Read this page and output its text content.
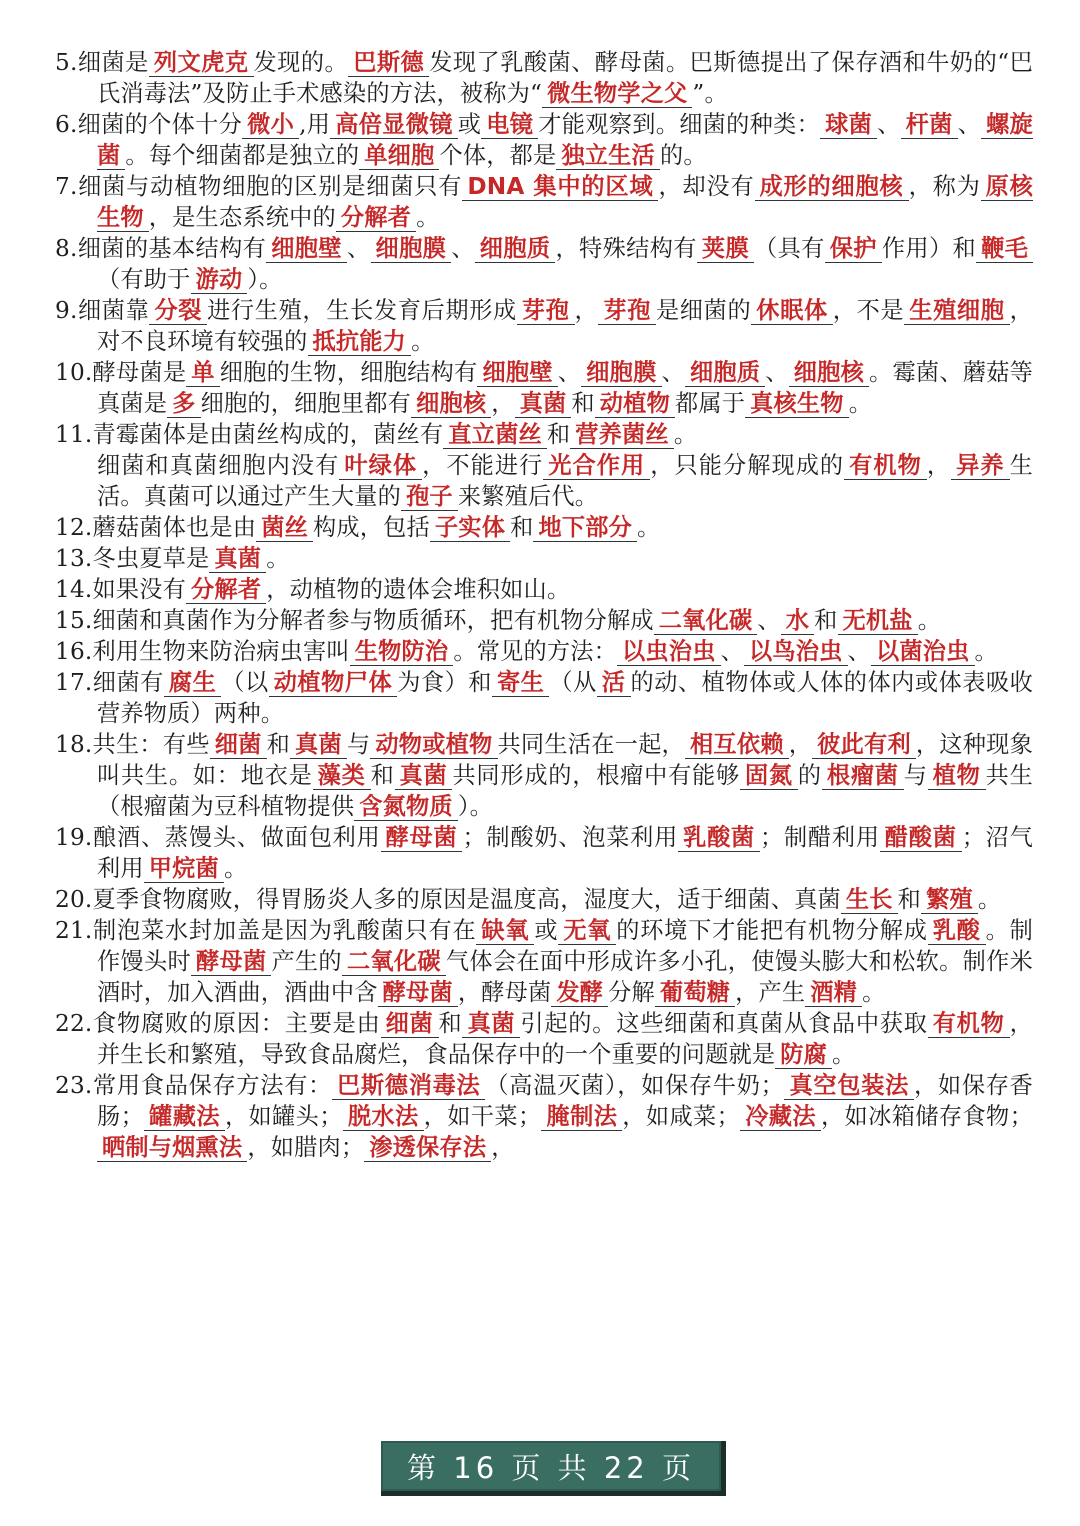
5.细菌是 列文虎克 发现的。 巴斯德 发现了乳酸菌、酵母菌。巴斯德提出了保存酒和牛奶的“巴氏消毒法”及防止手术感染的方法，被称为“ 微生物学之父 ”。
6.细菌的个体十分 微小 ,用 高倍显微镜 或 电镜 才能观察到。细菌的种类： 球菌 、 杆菌 、 螺旋菌 。每个细菌都是独立的 单细胞 个体，都是 独立生活 的。
7.细菌与动植物细胞的区别是细菌只有 DNA 集中的区域 ，却没有 成形的细胞核 ，称为 原核生物 ，是生态系统中的 分解者 。
8.细菌的基本结构有 细胞壁 、 细胞膜 、 细胞质 ，特殊结构有 荚膜 （具有 保护 作用）和 鞭毛（有助于 游动 ）。
9.细菌靠 分裂 进行生殖，生长发育后期形成 芽孢 ， 芽孢 是细菌的 休眠体 ，不是 生殖细胞 ，对不良环境有较强的 抵抗能力 。
10.酵母菌是 单 细胞的生物，细胞结构有 细胞壁 、 细胞膜 、 细胞质 、 细胞核 。霉菌、蘑菇等真菌是 多 细胞的，细胞里都有 细胞核 ， 真菌 和 动植物 都属于 真核生物 。
11.青霉菌体是由菌丝构成的，菌丝有 直立菌丝 和 营养菌丝 。
细菌和真菌细胞内没有 叶绿体 ，不能进行 光合作用 ，只能分解现成的 有机物 ， 异养 生活。真菌可以通过产生大量的 孢子 来繁殖后代。
12.蘑菇菌体也是由 菌丝 构成，包括 子实体 和 地下部分 。
13.冬虫夏草是 真菌 。
14.如果没有 分解者 ，动植物的遗体会堆积如山。
15.细菌和真菌作为分解者参与物质循环，把有机物分解成 二氧化碳 、 水 和 无机盐 。
16.利用生物来防治病虫害叫 生物防治 。常见的方法： 以虫治虫 、 以鸟治虫 、 以菌治虫 。
17.细菌有 腐生 （以 动植物尸体 为食）和 寄生 （从 活 的动、植物体或人体的体内或体表吸收营养物质）两种。
18.共生：有些 细菌 和 真菌 与 动物或植物 共同生活在一起， 相互依赖 ， 彼此有利 ，这种现象叫共生。如：地衣是 藻类 和 真菌 共同形成的，根瘤中有能够 固氮 的 根瘤菌 与 植物 共生（根瘤菌为豆科植物提供 含氮物质 ）。
19.酿酒、蒸馒头、做面包利用 酵母菌 ；制酸奶、泡菜利用 乳酸菌 ；制醋利用 醋酸菌 ；沼气利用 甲烷菌 。
20.夏季食物腐败，得胃肠炎人多的原因是温度高，湿度大，适于细菌、真菌 生长 和 繁殖 。
21.制泡菜水封加盖是因为乳酸菌只有在 缺氧 或 无氧 的环境下才能把有机物分解成 乳酸 。制作馒头时 酵母菌 产生的 二氧化碳 气体会在面中形成许多小孔，使馒头膨大和松软。制作米酒时，加入酒曲，酒曲中含 酵母菌 ，酵母菌 发酵 分解 葡萄糖 ，产生 酒精 。
22.食物腐败的原因：主要是由 细菌 和 真菌 引起的。这些细菌和真菌从食品中获取 有机物 ，并生长和繁殖，导致食品腐烂，食品保存中的一个重要的问题就是 防腐 。
23.常用食品保存方法有： 巴斯德消毒法 （高温灭菌），如保存牛奶； 真空包装法 ，如保存香肠； 罐藏法 ，如罐头； 脱水法 ，如干菜； 腌制法 ，如咸菜； 冷藏法 ，如冰箱储存食物；晒制与烟熏法 ，如腊肉； 渗透保存法 ，
第 16 页 共 22 页
